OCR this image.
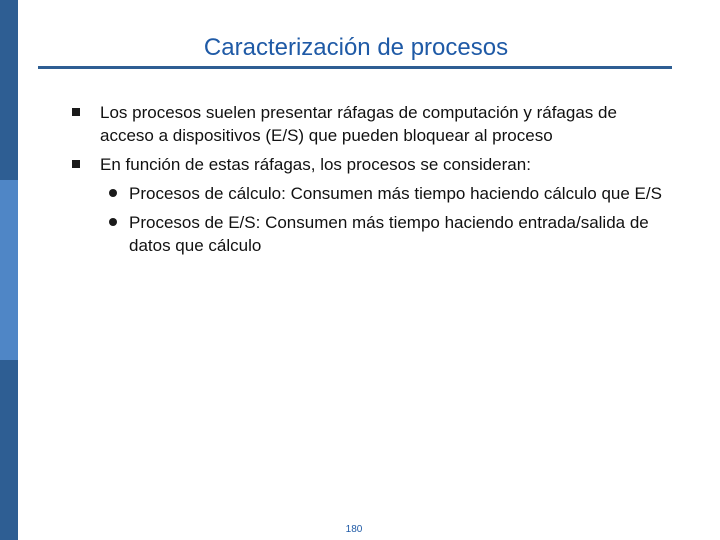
Caracterización de procesos
Los procesos suelen presentar ráfagas de computación y ráfagas de acceso a dispositivos (E/S) que pueden bloquear al proceso
En función de estas ráfagas, los procesos se consideran:
Procesos de cálculo: Consumen más tiempo haciendo cálculo que E/S
Procesos de E/S: Consumen más tiempo haciendo entrada/salida de datos que cálculo
180
